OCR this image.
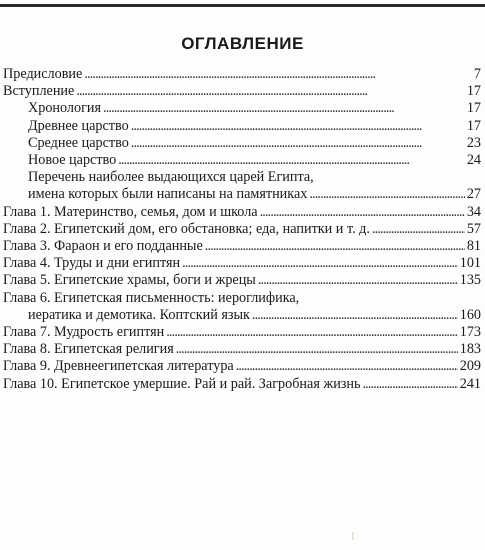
ОГЛАВЛЕНИЕ
Предисловие . . .	7
Вступление . . .	17
Хронология . . .	17
Древнее царство . . .	17
Среднее царство . . .	23
Новое царство . . .	24
Перечень наиболее выдающихся царей Египта,
имена которых были написаны на памятниках . . .	27
Глава 1. Материнство, семья, дом и школа . . .	34
Глава 2. Египетский дом, его обстановка; еда, напитки и т. д. . . .	57
Глава 3. Фараон и его подданные . . .	81
Глава 4. Труды и дни египтян . . .	101
Глава 5. Египетские храмы, боги и жрецы . . .	135
Глава 6. Египетская письменность: иероглифика,
иератика и демотика. Коптский язык . . .	160
Глава 7. Мудрость египтян . . .	173
Глава 8. Египетская религия . . .	183
Глава 9. Древнеегипетская литература . . .	209
Глава 10. Египетское умершие. Рай и рай. Загробная жизнь . . .	241
